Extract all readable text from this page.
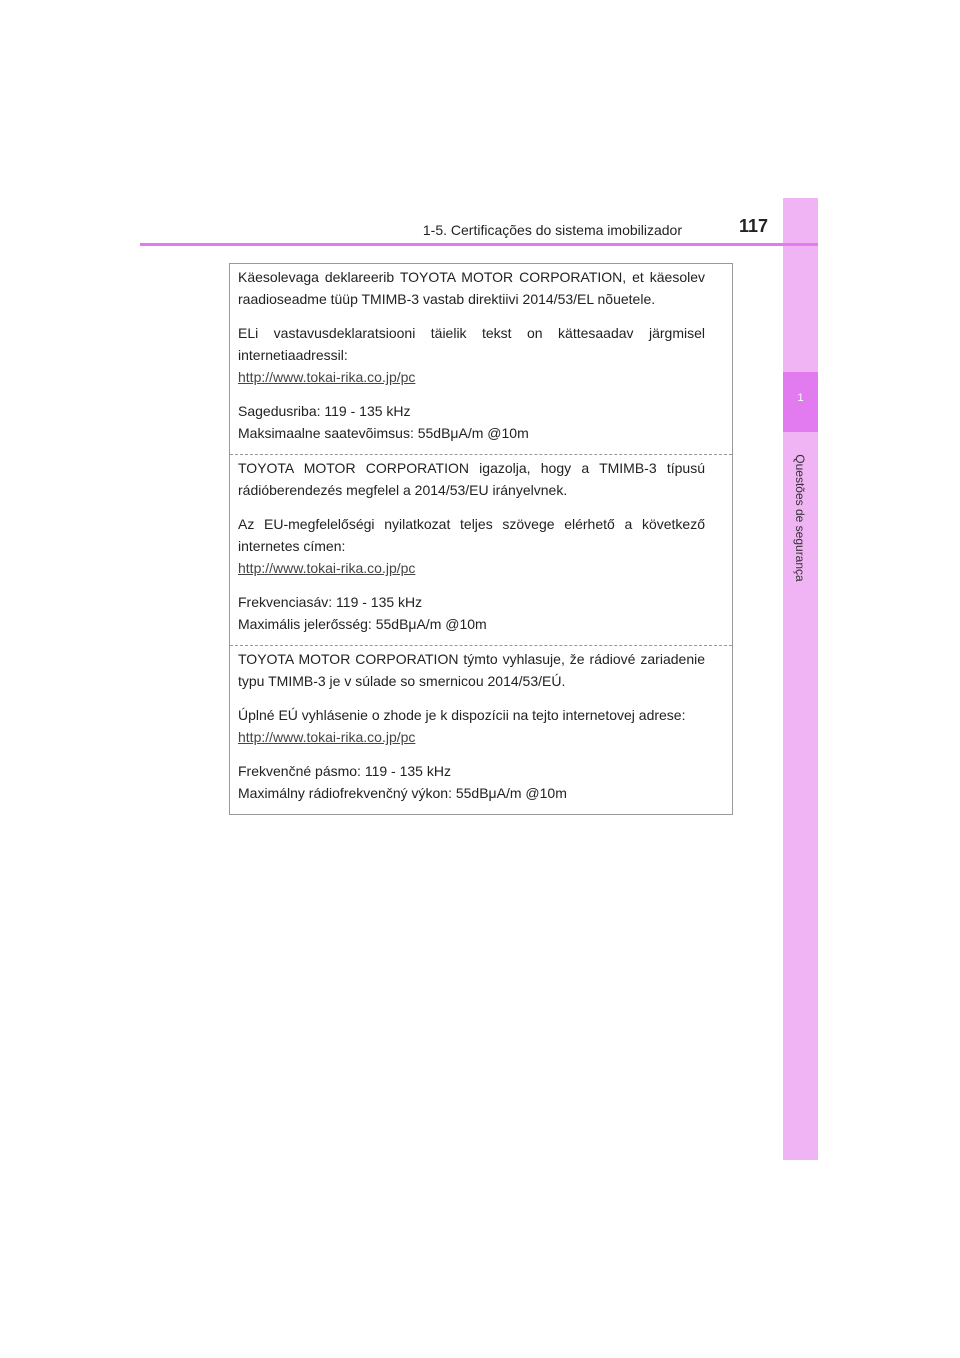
1
Questões de segurança
1-5. Certificações do sistema imobilizador	117

Käesolevaga deklareerib TOYOTA MOTOR CORPORATION, et käesolev raadioseadme tüüp TMIMB-3 vastab direktiivi 2014/53/EL nõuetele.

ELi vastavusdeklaratsiooni täielik tekst on kättesaadav järgmisel internetiaadressil:

http://www.tokai-rika.co.jp/pc
Sagedusriba: 119 - 135 kHz
Maksimaalne saatevõimsus: 55dBμA/m @10m

TOYOTA MOTOR CORPORATION igazolja, hogy a TMIMB-3 típusú rádióberendezés megfelel a 2014/53/EU irányelvnek.

Az EU-megfelelőségi nyilatkozat teljes szövege elérhető a következő internetes címen:

http://www.tokai-rika.co.jp/pc
Frekvenciasáv: 119 - 135 kHz
Maximális jelerősség: 55dBμA/m @10m

TOYOTA MOTOR CORPORATION týmto vyhlasuje, že rádiové zariadenie typu TMIMB-3 je v súlade so smernicou 2014/53/EÚ.

Úplné EÚ vyhlásenie o zhode je k dispozícii na tejto internetovej adrese:

http://www.tokai-rika.co.jp/pc
Frekvenčné pásmo: 119 - 135 kHz
Maximálny rádiofrekvenčný výkon: 55dBμA/m @10m
